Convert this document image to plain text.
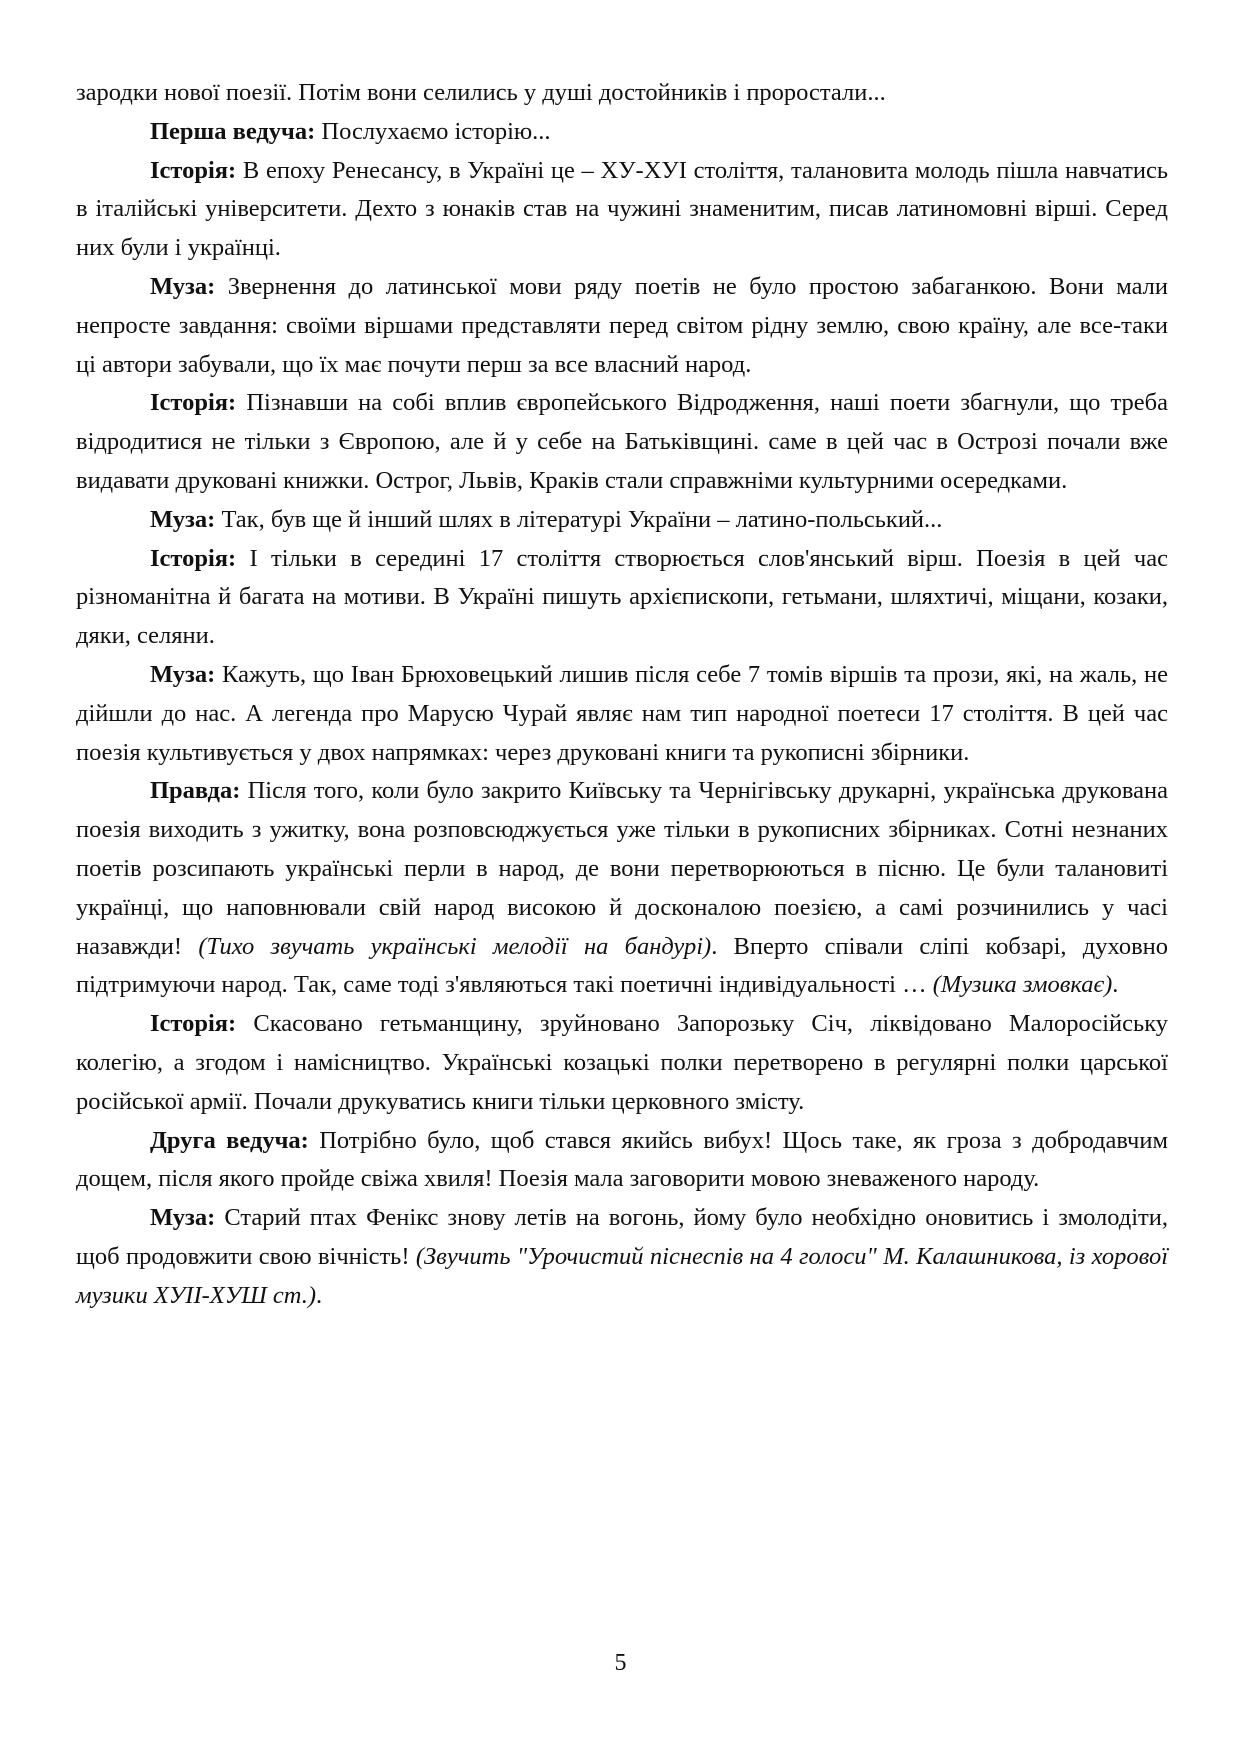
зародки нової поезії. Потім вони селились у душі достойників і проростали...

Перша ведуча: Послухаємо історію...

Історія: В епоху Ренесансу, в Україні це – ХУ-ХУІ століття, талановита молодь пішла навчатись в італійські університети. Дехто з юнаків став на чужині знаменитим, писав латиномовні вірші. Серед них були і українці.

Муза: Звернення до латинської мови ряду поетів не було простою забаганкою. Вони мали непросте завдання: своїми віршами представляти перед світом рідну землю, свою країну, але все-таки ці автори забували, що їх має почути перш за все власний народ.

Історія: Пізнавши на собі вплив європейського Відродження, наші поети збагнули, що треба відродитися не тільки з Європою, але й у себе на Батьківщині. саме в цей час в Острозі почали вже видавати друковані книжки. Острог, Львів, Краків стали справжніми культурними осередками.

Муза: Так, був ще й інший шлях в літературі України – латино-польський...

Історія: І тільки в середині 17 століття створюється слов'янський вірш. Поезія в цей час різноманітна й багата на мотиви. В Україні пишуть архієпископи, гетьмани, шляхтичі, міщани, козаки, дяки, селяни.

Муза: Кажуть, що Іван Брюховецький лишив після себе 7 томів віршів та прози, які, на жаль, не дійшли до нас. А легенда про Марусю Чурай являє нам тип народної поетеси 17 століття. В цей час поезія культивується у двох напрямках: через друковані книги та рукописні збірники.

Правда: Після того, коли було закрито Київську та Чернігівську друкарні, українська друкована поезія виходить з ужитку, вона розповсюджується уже тільки в рукописних збірниках. Сотні незнаних поетів розсипають українські перли в народ, де вони перетворюються в пісню. Це були талановиті українці, що наповнювали свій народ високою й досконалою поезією, а самі розчинились у часі назавжди! (Тихо звучать українські мелодії на бандурі). Вперто співали сліпі кобзарі, духовно підтримуючи народ. Так, саме тоді з'являються такі поетичні індивідуальності … (Музика змовкає).

Історія: Скасовано гетьманщину, зруйновано Запорозьку Січ, ліквідовано Малоросійську колегію, а згодом і намісництво. Українські козацькі полки перетворено в регулярні полки царської російської армії. Почали друкуватись книги тільки церковного змісту.

Друга ведуча: Потрібно було, щоб стався якийсь вибух! Щось таке, як гроза з добродавчим дощем, після якого пройде свіжа хвиля! Поезія мала заговорити мовою зневаженого народу.

Муза: Старий птах Фенікс знову летів на вогонь, йому було необхідно оновитись і змолодіти, щоб продовжити свою вічність! (Звучить "Урочистий піснеспів на 4 голоси" М. Калашникова, із хорової музики ХУІІ-ХУШ ст.).

5
